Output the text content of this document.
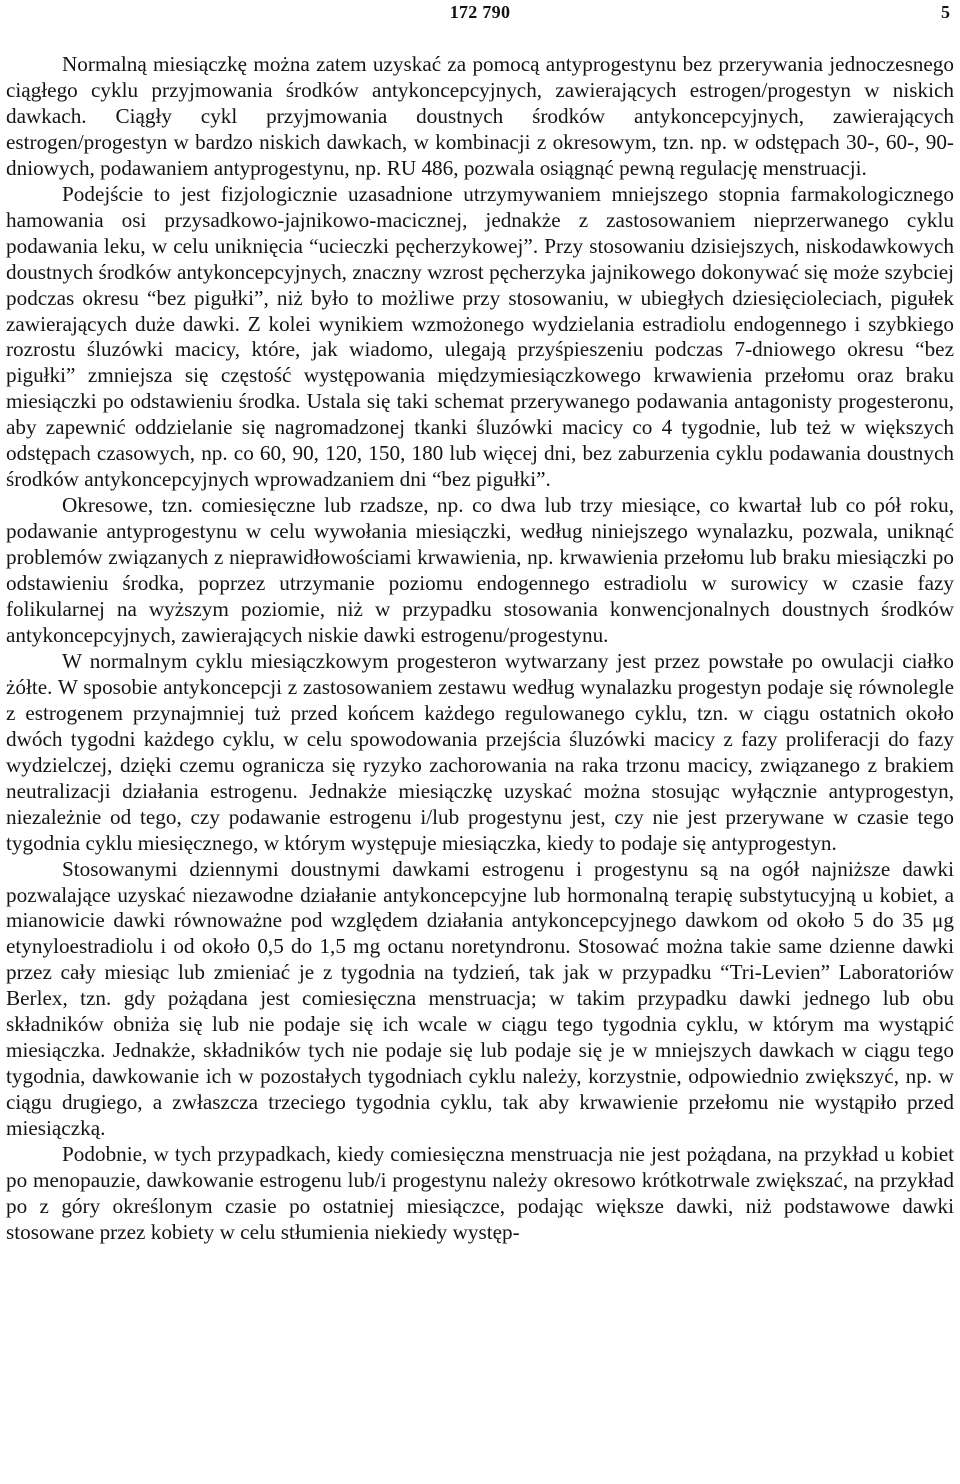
172 790	5

Normalną miesiączkę można zatem uzyskać za pomocą antyprogestynu bez przerywania jednoczesnego ciągłego cyklu przyjmowania środków antykoncepcyjnych, zawierających estrogen/progestyn w niskich dawkach. Ciągły cykl przyjmowania doustnych środków antykoncepcyjnych, zawierających estrogen/progestyn w bardzo niskich dawkach, w kombinacji z okresowym, tzn. np. w odstępach 30-, 60-, 90-dniowych, podawaniem antyprogestynu, np. RU 486, pozwala osiągnąć pewną regulację menstruacji.

Podejście to jest fizjologicznie uzasadnione utrzymywaniem mniejszego stopnia farmakologicznego hamowania osi przysadkowo-jajnikowo-macicznej, jednakże z zastosowaniem nieprzerwanego cyklu podawania leku, w celu uniknięcia “ucieczki pęcherzykowej”. Przy stosowaniu dzisiejszych, niskodawkowych doustnych środków antykoncepcyjnych, znaczny wzrost pęcherzyka jajnikowego dokonywać się może szybciej podczas okresu “bez pigułki”, niż było to możliwe przy stosowaniu, w ubiegłych dziesięcioleciach, pigułek zawierających duże dawki. Z kolei wynikiem wzmożonego wydzielania estradiolu endogennego i szybkiego rozrostu śluzówki macicy, które, jak wiadomo, ulegają przyśpieszeniu podczas 7-dniowego okresu “bez pigułki” zmniejsza się częstość występowania międzymiesiączkowego krwawienia przełomu oraz braku miesiączki po odstawieniu środka. Ustala się taki schemat przerywanego podawania antagonisty progesteronu, aby zapewnić oddzielanie się nagromadzonej tkanki śluzówki macicy co 4 tygodnie, lub też w większych odstępach czasowych, np. co 60, 90, 120, 150, 180 lub więcej dni, bez zaburzenia cyklu podawania doustnych środków antykoncepcyjnych wprowadzaniem dni “bez pigułki”.

Okresowe, tzn. comiesięczne lub rzadsze, np. co dwa lub trzy miesiące, co kwartał lub co pół roku, podawanie antyprogestynu w celu wywołania miesiączki, według niniejszego wynalazku, pozwala, uniknąć problemów związanych z nieprawidłowościami krwawienia, np. krwawienia przełomu lub braku miesiączki po odstawieniu środka, poprzez utrzymanie poziomu endogennego estradiolu w surowicy w czasie fazy folikularnej na wyższym poziomie, niż w przypadku stosowania konwencjonalnych doustnych środków antykoncepcyjnych, zawierających niskie dawki estrogenu/progestynu.

W normalnym cyklu miesiączkowym progesteron wytwarzany jest przez powstałe po owulacji ciałko żółte. W sposobie antykoncepcji z zastosowaniem zestawu według wynalazku progestyn podaje się równolegle z estrogenem przynajmniej tuż przed końcem każdego regulowanego cyklu, tzn. w ciągu ostatnich około dwóch tygodni każdego cyklu, w celu spowodowania przejścia śluzówki macicy z fazy proliferacji do fazy wydzielczej, dzięki czemu ogranicza się ryzyko zachorowania na raka trzonu macicy, związanego z brakiem neutralizacji działania estrogenu. Jednakże miesiączkę uzyskać można stosując wyłącznie antyprogestyn, niezależnie od tego, czy podawanie estrogenu i/lub progestynu jest, czy nie jest przerywane w czasie tego tygodnia cyklu miesięcznego, w którym występuje miesiączka, kiedy to podaje się antyprogestyn.

Stosowanymi dziennymi doustnymi dawkami estrogenu i progestynu są na ogół najniższe dawki pozwalające uzyskać niezawodne działanie antykoncepcyjne lub hormonalną terapię substytucyjną u kobiet, a mianowicie dawki równoważne pod względem działania antykoncepcyjnego dawkom od około 5 do 35 μg etynyloestradiolu i od około 0,5 do 1,5 mg octanu noretyndronu. Stosować można takie same dzienne dawki przez cały miesiąc lub zmieniać je z tygodnia na tydzień, tak jak w przypadku “Tri-Levien” Laboratoriów Berlex, tzn. gdy pożądana jest comiesięczna menstruacja; w takim przypadku dawki jednego lub obu składników obniża się lub nie podaje się ich wcale w ciągu tego tygodnia cyklu, w którym ma wystąpić miesiączka. Jednakże, składników tych nie podaje się lub podaje się je w mniejszych dawkach w ciągu tego tygodnia, dawkowanie ich w pozostałych tygodniach cyklu należy, korzystnie, odpowiednio zwiększyć, np. w ciągu drugiego, a zwłaszcza trzeciego tygodnia cyklu, tak aby krwawienie przełomu nie wystąpiło przed miesiączką.

Podobnie, w tych przypadkach, kiedy comiesięczna menstruacja nie jest pożądana, na przykład u kobiet po menopauzie, dawkowanie estrogenu lub/i progestynu należy okresowo krótkotrwale zwiększać, na przykład po z góry określonym czasie po ostatniej miesiączce, podając większe dawki, niż podstawowe dawki stosowane przez kobiety w celu stłumienia niekiedy występ-
